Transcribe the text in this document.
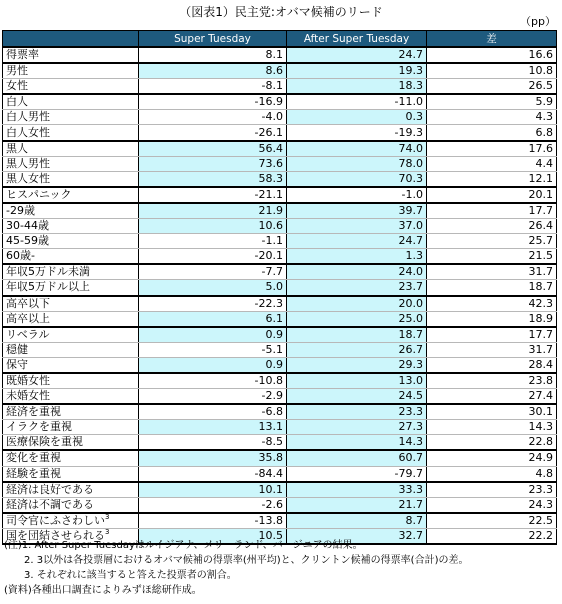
（図表1）民主党:オバマ候補のリード
（pp）
	Super Tuesday	After Super Tuesday	差
得票率	8.1	24.7	16.6
男性	8.6	19.3	10.8
女性	-8.1	18.3	26.5
白人	-16.9	-11.0	5.9
白人男性	-4.0	0.3	4.3
白人女性	-26.1	-19.3	6.8
黒人	56.4	74.0	17.6
黒人男性	73.6	78.0	4.4
黒人女性	58.3	70.3	12.1
ヒスパニック	-21.1	-1.0	20.1
-29歳	21.9	39.7	17.7
30-44歳	10.6	37.0	26.4
45-59歳	-1.1	24.7	25.7
60歳-	-20.1	1.3	21.5
年収5万ドル未満	-7.7	24.0	31.7
年収5万ドル以上	5.0	23.7	18.7
高卒以下	-22.3	20.0	42.3
高卒以上	6.1	25.0	18.9
リベラル	0.9	18.7	17.7
穏健	-5.1	26.7	31.7
保守	0.9	29.3	28.4
既婚女性	-10.8	13.0	23.8
未婚女性	-2.9	24.5	27.4
経済を重視	-6.8	23.3	30.1
イラクを重視	13.1	27.3	14.3
医療保険を重視	-8.5	14.3	22.8
変化を重視	35.8	60.7	24.9
経験を重視	-84.4	-79.7	4.8
経済は良好である	10.1	33.3	23.3
経済は不調である	-2.6	21.7	24.3
司令官にふさわしい$^3$	-13.8	8.7	22.5
国を団結させられる$^3$	10.5	32.7	22.2
(注)1. After Super Tuesdayはルイジアナ、メリーランド、バージニアの結果。
2. 3以外は各投票層におけるオバマ候補の得票率(州平均)と、クリントン候補の得票率(合計)の差。
3. それぞれに該当すると答えた投票者の割合。
(資料)各種出口調査によりみずほ総研作成。
